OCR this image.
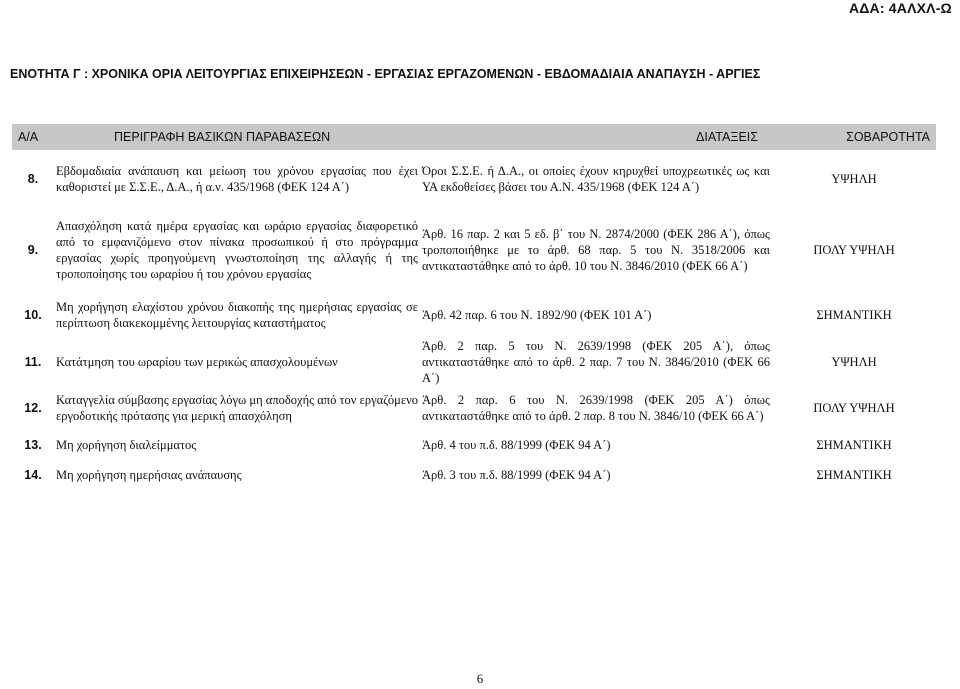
ΑΔΑ: 4ΑΛΧΛ-Ω
ΕΝΟΤΗΤΑ Γ : ΧΡΟΝΙΚΑ ΟΡΙΑ ΛΕΙΤΟΥΡΓΙΑΣ ΕΠΙΧΕΙΡΗΣΕΩΝ - ΕΡΓΑΣΙΑΣ ΕΡΓΑΖΟΜΕΝΩΝ - ΕΒΔΟΜΑΔΙΑΙΑ ΑΝΑΠΑΥΣΗ - ΑΡΓΙΕΣ
Α/Α	ΠΕΡΙΓΡΑΦΗ ΒΑΣΙΚΩΝ ΠΑΡΑΒΑΣΕΩΝ	ΔΙΑΤΑΞΕΙΣ	ΣΟΒΑΡΟΤΗΤΑ
8.	Εβδομαδιαία ανάπαυση και μείωση του χρόνου εργασίας που έχει καθοριστεί με Σ.Σ.Ε., Δ.Α., ή α.ν. 435/1968 (ΦΕΚ 124 Α΄)	Όροι Σ.Σ.Ε. ή Δ.Α., οι οποίες έχουν κηρυχθεί υποχρεωτικές ως και ΥΑ εκδοθείσες βάσει του Α.Ν. 435/1968 (ΦΕΚ 124 Α΄)	ΥΨΗΛΗ
9.	Απασχόληση κατά ημέρα εργασίας και ωράριο εργασίας διαφορετικό από το εμφανιζόμενο στον πίνακα προσωπικού ή στο πρόγραμμα εργασίας χωρίς προηγούμενη γνωστοποίηση της αλλαγής ή της τροποποίησης του ωραρίου ή του χρόνου εργασίας	Άρθ. 16 παρ. 2 και 5 εδ. β΄ του Ν. 2874/2000 (ΦΕΚ 286 Α΄), όπως τροποποιήθηκε με το άρθ. 68 παρ. 5 του Ν. 3518/2006 και αντικαταστάθηκε από το άρθ. 10 του Ν. 3846/2010 (ΦΕΚ 66 Α΄)	ΠΟΛΥ ΥΨΗΛΗ
10.	Μη χορήγηση ελαχίστου χρόνου διακοπής της ημερήσιας εργασίας σε περίπτωση διακεκομμένης λειτουργίας καταστήματος	Άρθ. 42 παρ. 6 του Ν. 1892/90 (ΦΕΚ 101 Α΄)	ΣΗΜΑΝΤΙΚΗ
11.	Κατάτμηση του ωραρίου των μερικώς απασχολουμένων	Άρθ. 2 παρ. 5 του Ν. 2639/1998 (ΦΕΚ 205 Α΄), όπως αντικαταστάθηκε από το άρθ. 2 παρ. 7 του Ν. 3846/2010 (ΦΕΚ 66 Α΄)	ΥΨΗΛΗ
12.	Καταγγελία σύμβασης εργασίας λόγω μη αποδοχής από τον εργαζόμενο εργοδοτικής πρότασης για μερική απασχόληση	Άρθ. 2 παρ. 6 του Ν. 2639/1998 (ΦΕΚ 205 Α΄) όπως αντικαταστάθηκε από το άρθ. 2 παρ. 8 του Ν. 3846/10 (ΦΕΚ 66 Α΄)	ΠΟΛΥ ΥΨΗΛΗ
13.	Μη χορήγηση διαλείμματος	Άρθ. 4 του π.δ. 88/1999 (ΦΕΚ 94 Α΄)	ΣΗΜΑΝΤΙΚΗ
14.	Μη χορήγηση ημερήσιας ανάπαυσης	Άρθ. 3 του π.δ. 88/1999 (ΦΕΚ 94 Α΄)	ΣΗΜΑΝΤΙΚΗ
6
